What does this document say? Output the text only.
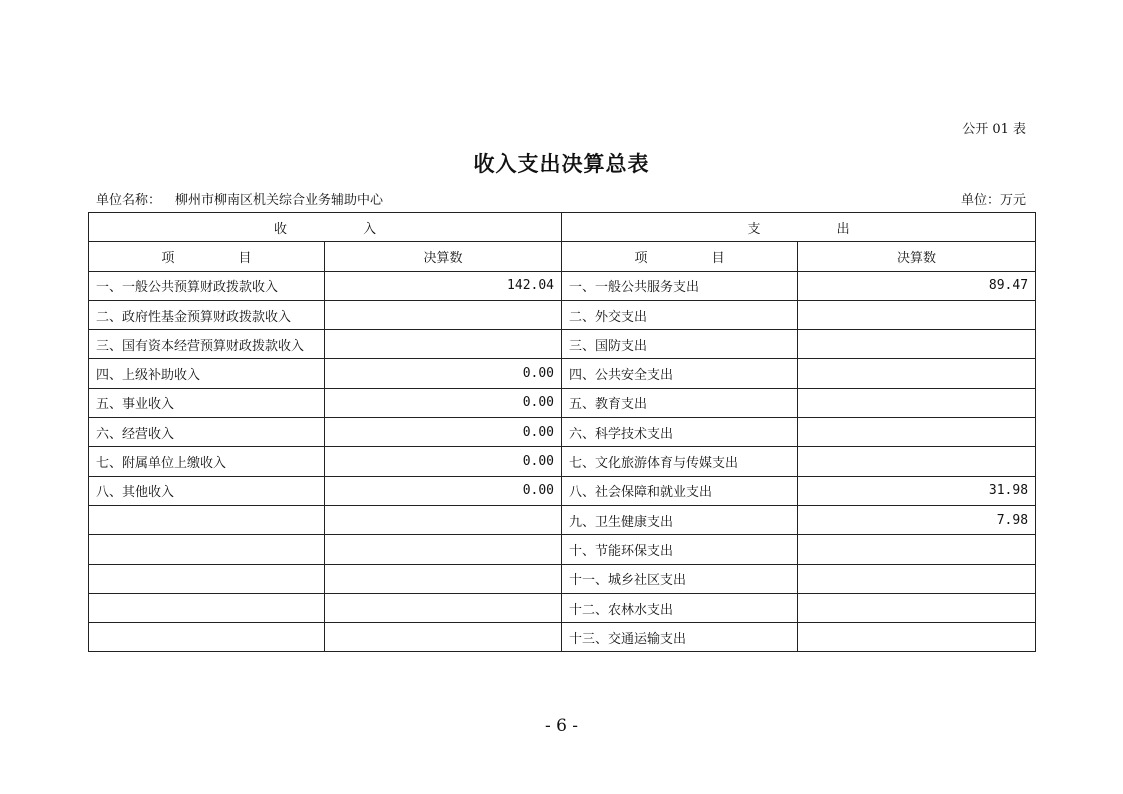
公开 01 表
收入支出决算总表
单位名称： 柳州市柳南区机关综合业务辅助中心	单位：万元
收 入		支 出	
项 目	决算数	项 目	决算数
一、一般公共预算财政拨款收入	142.04	一、一般公共服务支出	89.47
二、政府性基金预算财政拨款收入		二、外交支出	
三、国有资本经营预算财政拨款收入		三、国防支出	
四、上级补助收入	0.00	四、公共安全支出	
五、事业收入	0.00	五、教育支出	
六、经营收入	0.00	六、科学技术支出	
七、附属单位上缴收入	0.00	七、文化旅游体育与传媒支出	
八、其他收入	0.00	八、社会保障和就业支出	31.98
		九、卫生健康支出	7.98
		十、节能环保支出	
		十一、城乡社区支出	
		十二、农林水支出	
		十三、交通运输支出	
- 6 -
